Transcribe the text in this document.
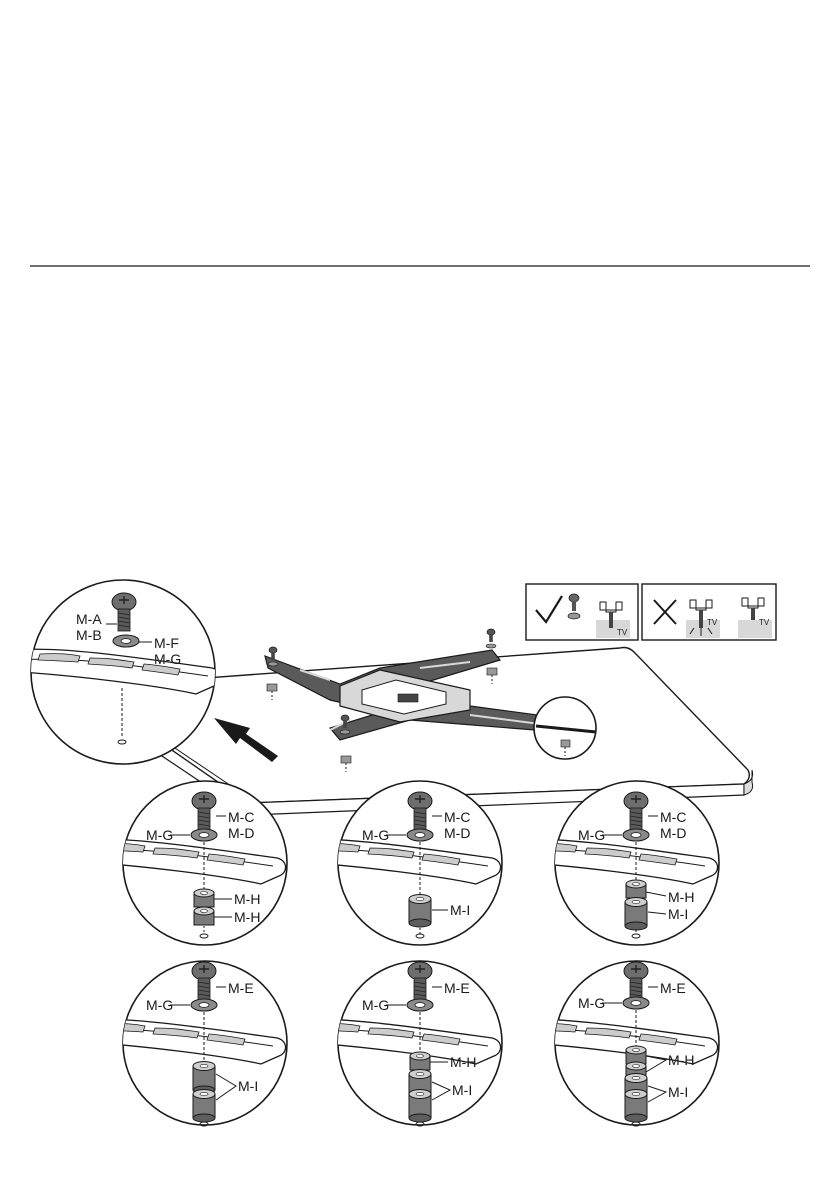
TV
TV	TV
M-A
M-B	M-F
M-G
M-C
M-D
M-G
M-H
M-H
M-C
M-D
M-G
M-I
M-C
M-D
M-G
M-H
M-I
M-E
M-G
M-I
M-E
M-G
M-H
M-I
M-E
M-G
M-H
M-I
